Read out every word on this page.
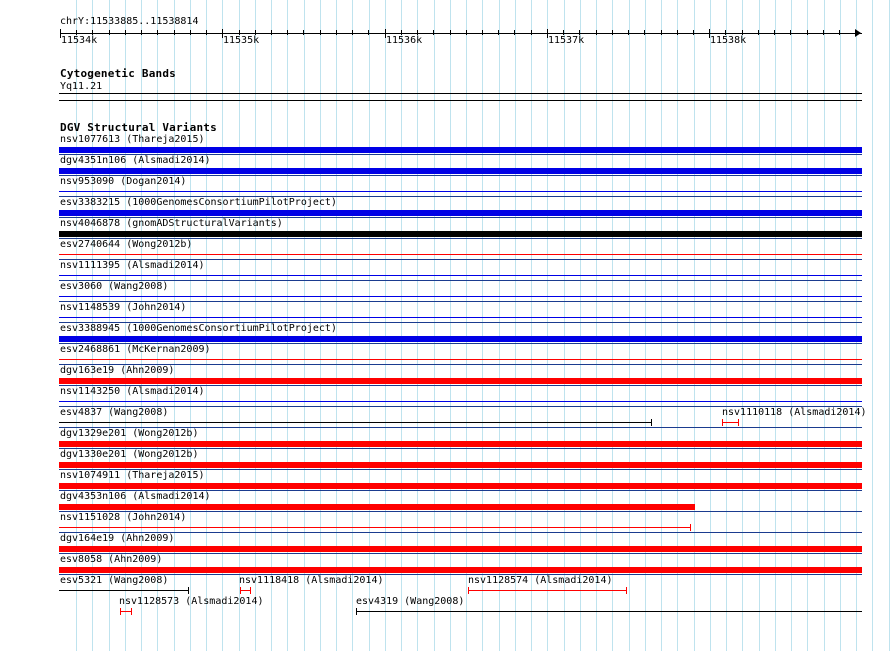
chrY:11533885..11538814
11534k	11535k	11536k	11537k	11538k
Cytogenetic Bands
Yq11.21
DGV Structural Variants
nsv1077613 (Thareja2015)
dgv4351n106 (Alsmadi2014)
nsv953090 (Dogan2014)
esv3383215 (1000GenomesConsortiumPilotProject)
nsv4046878 (gnomADStructuralVariants)
esv2740644 (Wong2012b)
nsv1111395 (Alsmadi2014)
esv3060 (Wang2008)
nsv1148539 (John2014)
esv3388945 (1000GenomesConsortiumPilotProject)
esv2468861 (McKernan2009)
dgv163e19 (Ahn2009)
nsv1143250 (Alsmadi2014)
esv4837 (Wang2008)
dgv1329e201 (Wong2012b)
dgv1330e201 (Wong2012b)
nsv1074911 (Thareja2015)
dgv4353n106 (Alsmadi2014)
nsv1151028 (John2014)
dgv164e19 (Ahn2009)
esv8058 (Ahn2009)
esv5321 (Wang2008)
nsv1110118 (Alsmadi2014)
nsv1118418 (Alsmadi2014)	nsv1128574 (Alsmadi2014)
nsv1128573 (Alsmadi2014)	esv4319 (Wang2008)
